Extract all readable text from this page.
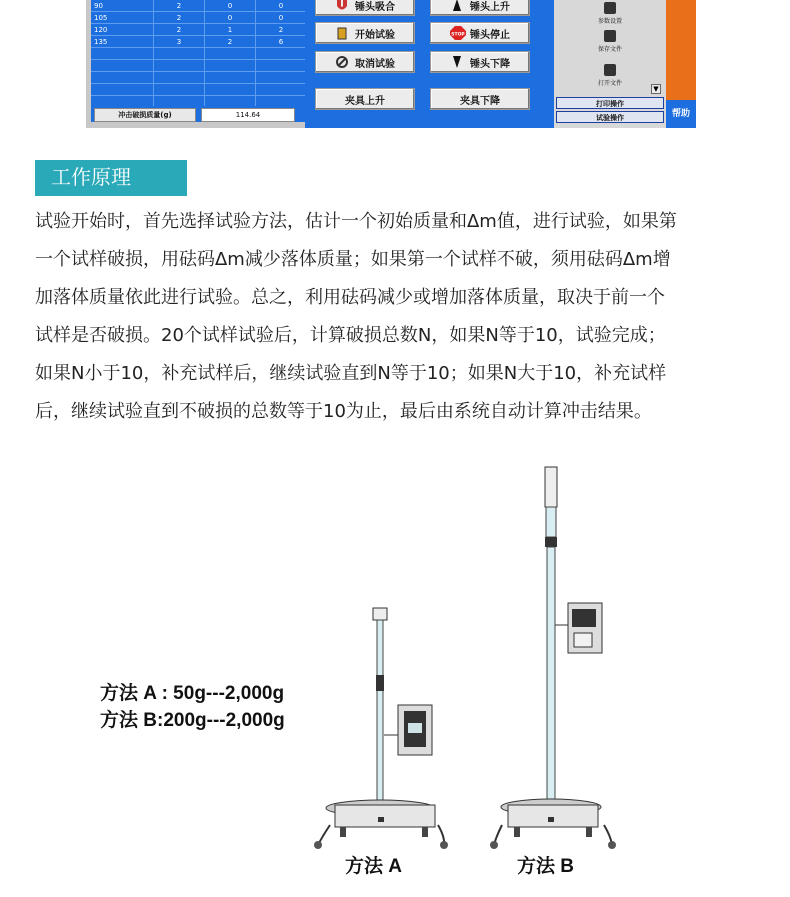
90	2	0	0	
105	2	0	0	
120	2	1	2	
135	3	2	6	

冲击破损质量(g)	114.64
锤头吸合	锤头上升
开始试验	STOP 锤头停止
取消试验	锤头下降
夹具上升	夹具下降
参数设置
保存文件
打开文件
▼
打印操作
试验操作	帮助
工作原理
试验开始时，首先选择试验方法，估计一个初始质量和Δm值，进行试验，如果第
一个试样破损，用砝码Δm减少落体质量；如果第一个试样不破，须用砝码Δm增
加落体质量依此进行试验。总之，利用砝码减少或增加落体质量，取决于前一个
试样是否破损。20个试样试验后，计算破损总数N，如果N等于10，试验完成；
如果N小于10，补充试样后，继续试验直到N等于10；如果N大于10，补充试样
后，继续试验直到不破损的总数等于10为止，最后由系统自动计算冲击结果。
方法 A : 50g---2,000g
方法 B:200g---2,000g
方法 A	方法 B
